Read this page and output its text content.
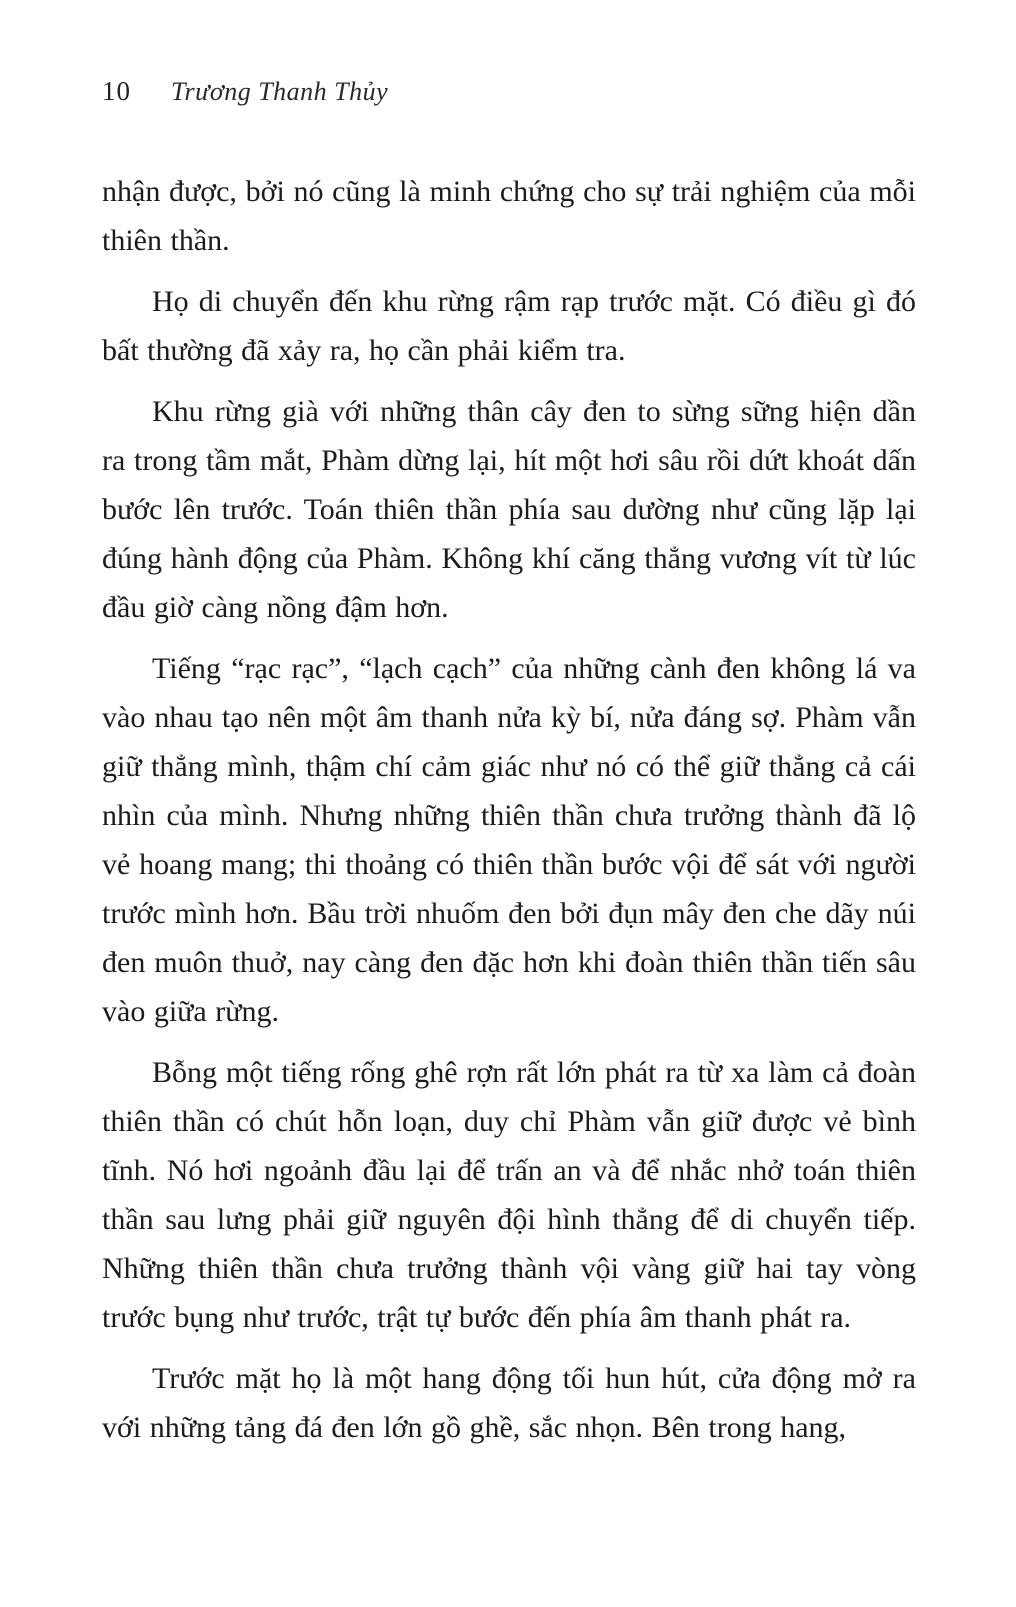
10 Trương Thanh Thủy

nhận được, bởi nó cũng là minh chứng cho sự trải nghiệm của mỗi thiên thần.

Họ di chuyển đến khu rừng rậm rạp trước mặt. Có điều gì đó bất thường đã xảy ra, họ cần phải kiểm tra.

Khu rừng già với những thân cây đen to sừng sững hiện dần ra trong tầm mắt, Phàm dừng lại, hít một hơi sâu rồi dứt khoát dấn bước lên trước. Toán thiên thần phía sau dường như cũng lặp lại đúng hành động của Phàm. Không khí căng thẳng vương vít từ lúc đầu giờ càng nồng đậm hơn.

Tiếng “rạc rạc”, “lạch cạch” của những cành đen không lá va vào nhau tạo nên một âm thanh nửa kỳ bí, nửa đáng sợ. Phàm vẫn giữ thẳng mình, thậm chí cảm giác như nó có thể giữ thẳng cả cái nhìn của mình. Nhưng những thiên thần chưa trưởng thành đã lộ vẻ hoang mang; thi thoảng có thiên thần bước vội để sát với người trước mình hơn. Bầu trời nhuốm đen bởi đụn mây đen che dãy núi đen muôn thuở, nay càng đen đặc hơn khi đoàn thiên thần tiến sâu vào giữa rừng.

Bỗng một tiếng rống ghê rợn rất lớn phát ra từ xa làm cả đoàn thiên thần có chút hỗn loạn, duy chỉ Phàm vẫn giữ được vẻ bình tĩnh. Nó hơi ngoảnh đầu lại để trấn an và để nhắc nhở toán thiên thần sau lưng phải giữ nguyên đội hình thẳng để di chuyển tiếp. Những thiên thần chưa trưởng thành vội vàng giữ hai tay vòng trước bụng như trước, trật tự bước đến phía âm thanh phát ra.

Trước mặt họ là một hang động tối hun hút, cửa động mở ra với những tảng đá đen lớn gồ ghề, sắc nhọn. Bên trong hang,
